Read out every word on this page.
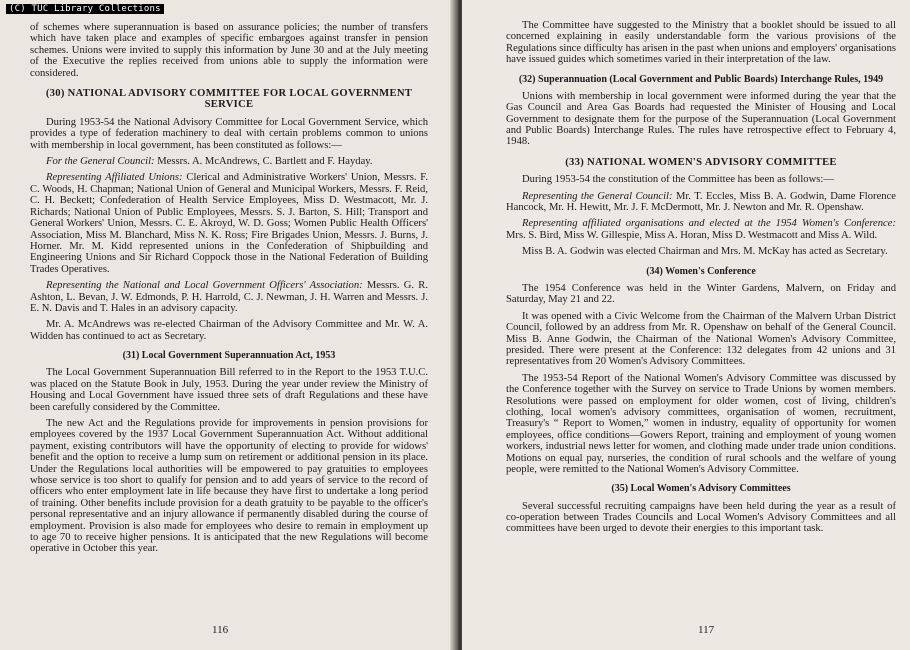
(C) TUC Library Collections

of schemes where superannuation is based on assurance policies; the number of transfers which have taken place and examples of specific embargoes against transfer in pension schemes. Unions were invited to supply this information by June 30 and at the July meeting of the Executive the replies received from unions able to supply the information were considered.

(30) NATIONAL ADVISORY COMMITTEE FOR LOCAL GOVERNMENT SERVICE

During 1953-54 the National Advisory Committee for Local Government Service, which provides a type of federation machinery to deal with certain problems common to unions with membership in local government, has been constituted as follows:—

For the General Council: Messrs. A. McAndrews, C. Bartlett and F. Hayday.

Representing Affiliated Unions: Clerical and Administrative Workers' Union, Messrs. F. C. Woods, H. Chapman; National Union of General and Municipal Workers, Messrs. F. Reid, C. H. Beckett; Confederation of Health Service Employees, Miss D. Westmacott, Mr. J. Richards; National Union of Public Employees, Messrs. S. J. Barton, S. Hill; Transport and General Workers' Union, Messrs. C. E. Akroyd, W. D. Goss; Women Public Health Officers' Association, Miss M. Blanchard, Miss N. K. Ross; Fire Brigades Union, Messrs. J. Burns, J. Horner. Mr. M. Kidd represented unions in the Confederation of Shipbuilding and Engineering Unions and Sir Richard Coppock those in the National Federation of Building Trades Operatives.

Representing the National and Local Government Officers' Association: Messrs. G. R. Ashton, L. Bevan, J. W. Edmonds, P. H. Harrold, C. J. Newman, J. H. Warren and Messrs. J. E. N. Davis and T. Hales in an advisory capacity.

Mr. A. McAndrews was re-elected Chairman of the Advisory Committee and Mr. W. A. Widden has continued to act as Secretary.

(31) Local Government Superannuation Act, 1953

The Local Government Superannuation Bill referred to in the Report to the 1953 T.U.C. was placed on the Statute Book in July, 1953. During the year under review the Ministry of Housing and Local Government have issued three sets of draft Regulations and these have been carefully considered by the Committee.

The new Act and the Regulations provide for improvements in pension provisions for employees covered by the 1937 Local Government Superannuation Act. Without additional payment, existing contributors will have the opportunity of electing to provide for widows' benefit and the option to receive a lump sum on retirement or additional pension in its place. Under the Regulations local authorities will be empowered to pay gratuities to employees whose service is too short to qualify for pension and to add years of service to the record of officers who enter employment late in life because they have first to undertake a long period of training. Other benefits include provision for a death gratuity to be payable to the officer's personal representative and an injury allowance if permanently disabled during the course of employment. Provision is also made for employees who desire to remain in employment up to age 70 to receive higher pensions. It is anticipated that the new Regulations will become operative in October this year.

116

The Committee have suggested to the Ministry that a booklet should be issued to all concerned explaining in easily understandable form the various provisions of the Regulations since difficulty has arisen in the past when unions and employers' organisations have issued guides which sometimes varied in their interpretation of the law.

(32) Superannuation (Local Government and Public Boards) Interchange Rules, 1949

Unions with membership in local government were informed during the year that the Gas Council and Area Gas Boards had requested the Minister of Housing and Local Government to designate them for the purpose of the Superannuation (Local Government and Public Boards) Interchange Rules. The rules have retrospective effect to February 4, 1948.

(33) NATIONAL WOMEN'S ADVISORY COMMITTEE

During 1953-54 the constitution of the Committee has been as follows:—

Representing the General Council: Mr. T. Eccles, Miss B. A. Godwin, Dame Florence Hancock, Mr. H. Hewitt, Mr. J. F. McDermott, Mr. J. Newton and Mr. R. Openshaw.

Representing affiliated organisations and elected at the 1954 Women's Conference: Mrs. S. Bird, Miss W. Gillespie, Miss A. Horan, Miss D. Westmacott and Miss A. Wild.

Miss B. A. Godwin was elected Chairman and Mrs. M. McKay has acted as Secretary.

(34) Women's Conference

The 1954 Conference was held in the Winter Gardens, Malvern, on Friday and Saturday, May 21 and 22.

It was opened with a Civic Welcome from the Chairman of the Malvern Urban District Council, followed by an address from Mr. R. Openshaw on behalf of the General Council. Miss B. Anne Godwin, the Chairman of the National Women's Advisory Committee, presided. There were present at the Conference: 132 delegates from 42 unions and 31 representatives from 20 Women's Advisory Committees.

The 1953-54 Report of the National Women's Advisory Committee was discussed by the Conference together with the Survey on service to Trade Unions by women members. Resolutions were passed on employment for older women, cost of living, children's clothing, local women's advisory committees, organisation of women, recruitment, Treasury's “ Report to Women,” women in industry, equality of opportunity for women employees, office conditions—Gowers Report, training and employment of young women workers, industrial news letter for women, and clothing made under trade union conditions. Motions on equal pay, nurseries, the condition of rural schools and the welfare of young people, were remitted to the National Women's Advisory Committee.

(35) Local Women's Advisory Committees

Several successful recruiting campaigns have been held during the year as a result of co-operation between Trades Councils and Local Women's Advisory Committees and all committees have been urged to devote their energies to this important task.

117
